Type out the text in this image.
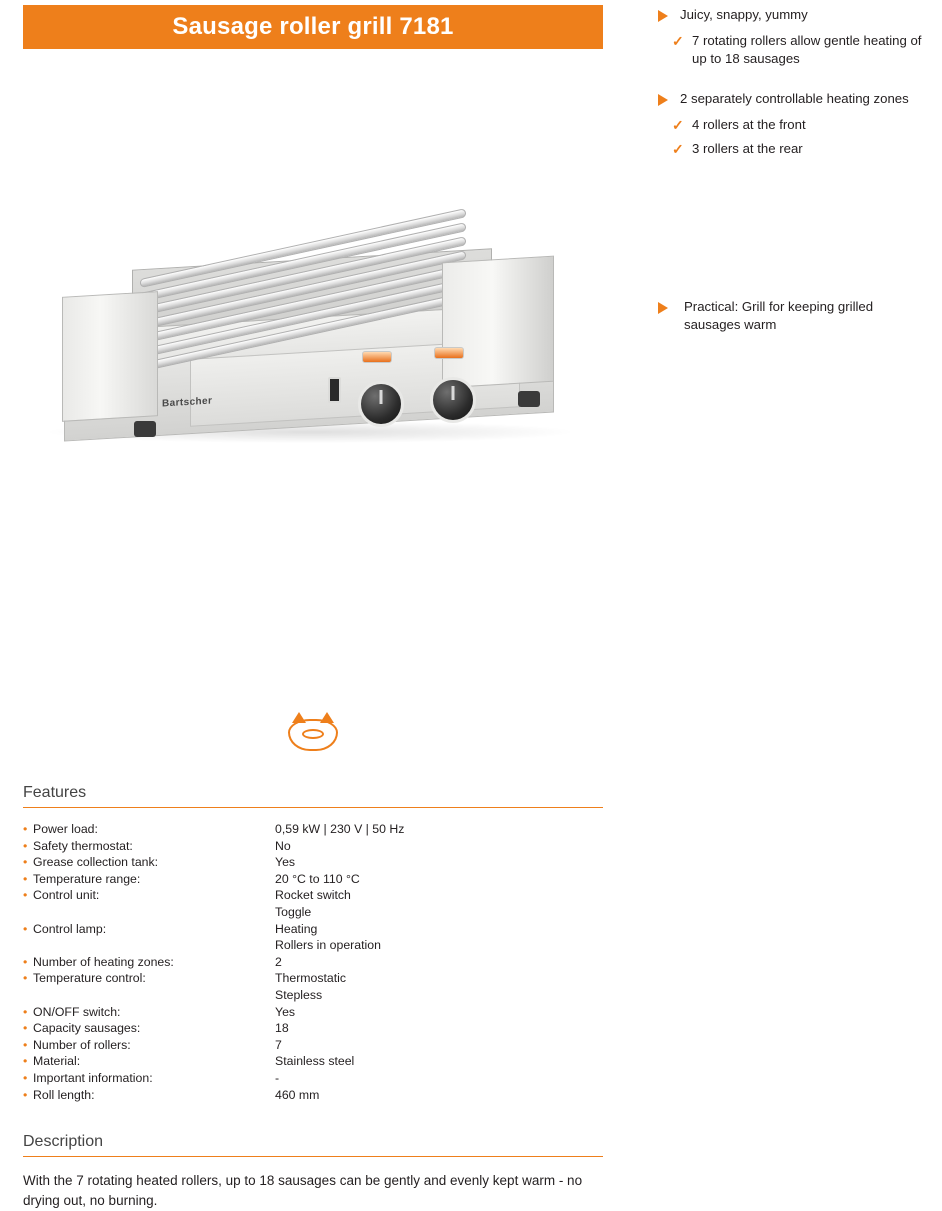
Sausage roller grill 7181
Bartscher
Description
With the 7 rotating heated rollers, up to 18 sausages can be gently and evenly kept warm - no drying out, no burning.
Features
• Power load:	0,59 kW | 230 V | 50 Hz

• Safety thermostat:	No

• Grease collection tank:	Yes

• Temperature range:	20 °C to 110 °C

• Control unit:	Rocket switch
Toggle

• Control lamp:	Heating
Rollers in operation

• Number of heating zones:	2

• Temperature control:	Thermostatic
Stepless

• ON/OFF switch:	Yes

• Capacity sausages:	18

• Number of rollers:	7

• Material:	Stainless steel

• Important information:	-

• Roll length:	460 mm
Juicy, snappy, yummy
✓ 7 rotating rollers allow gentle heating of up to 18 sausages
2 separately controllable heating zones
✓ 4 rollers at the front
✓ 3 rollers at the rear
Practical: Grill for keeping grilled sausages warm
